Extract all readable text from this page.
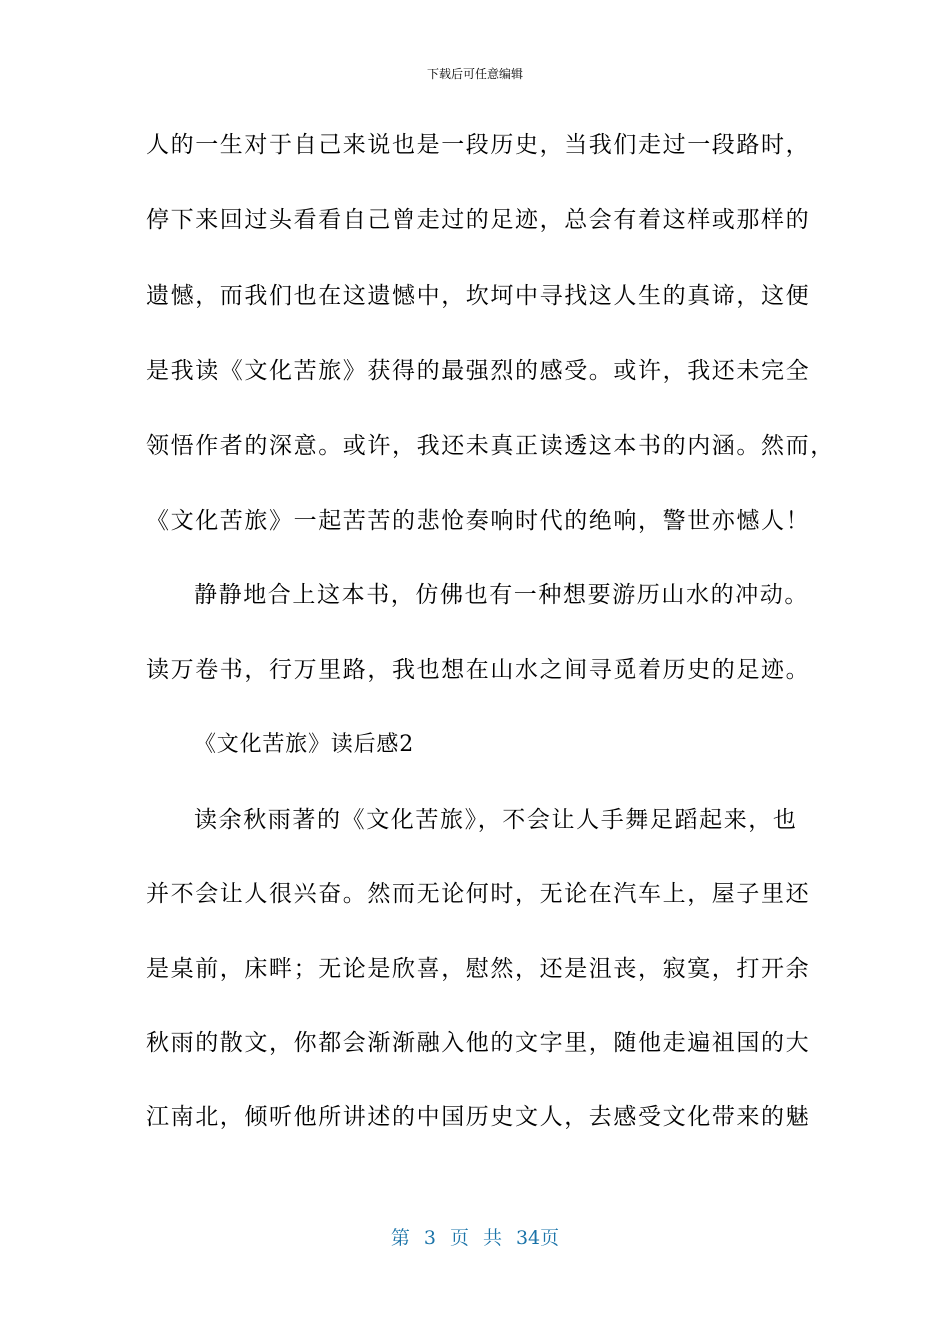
下载后可任意编辑
人的一生对于自己来说也是一段历史，当我们走过一段路时，
停下来回过头看看自己曾走过的足迹，总会有着这样或那样的
遗憾，而我们也在这遗憾中，坎坷中寻找这人生的真谛，这便
是我读《文化苦旅》获得的最强烈的感受。或许，我还未完全
领悟作者的深意。或许，我还未真正读透这本书的内涵。然而，
《文化苦旅》一起苦苦的悲怆奏响时代的绝响，警世亦憾人！
静静地合上这本书，仿佛也有一种想要游历山水的冲动。
读万卷书，行万里路，我也想在山水之间寻觅着历史的足迹。
《文化苦旅》读后感2
读余秋雨著的《文化苦旅》，不会让人手舞足蹈起来，也
并不会让人很兴奋。然而无论何时，无论在汽车上，屋子里还
是桌前，床畔；无论是欣喜，慰然，还是沮丧，寂寞，打开余
秋雨的散文，你都会渐渐融入他的文字里，随他走遍祖国的大
江南北，倾听他所讲述的中国历史文人，去感受文化带来的魅
第 3 页 共 34页
